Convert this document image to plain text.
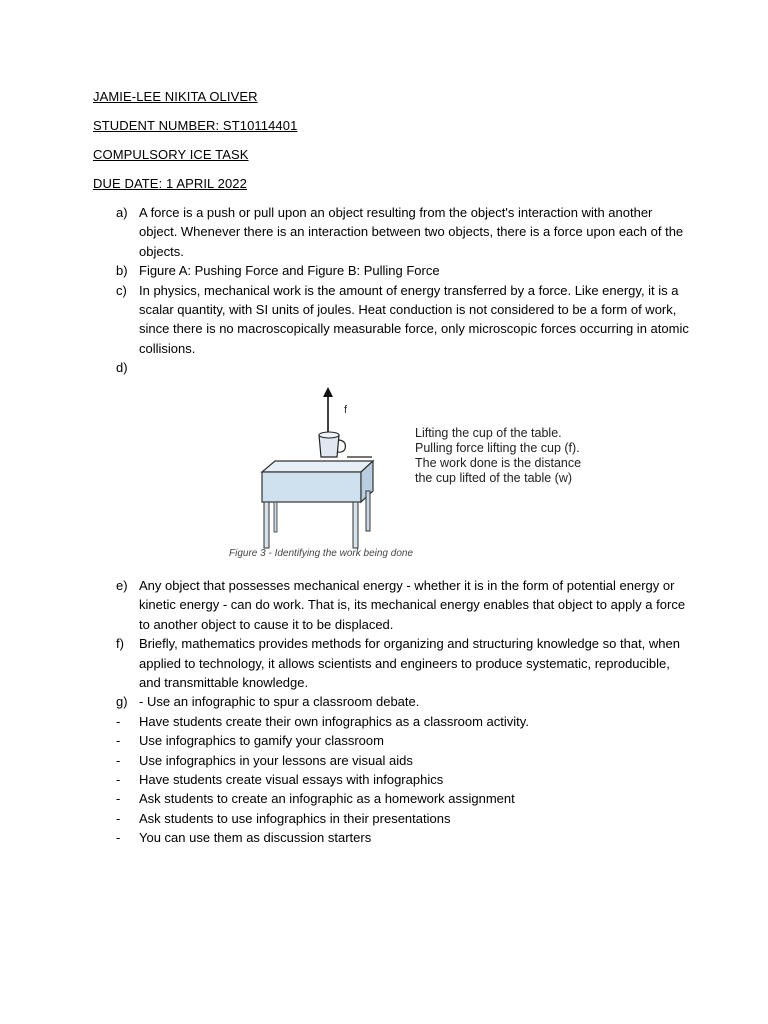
JAMIE-LEE NIKITA OLIVER
STUDENT NUMBER: ST10114401
COMPULSORY ICE TASK
DUE DATE: 1 APRIL 2022
a) A force is a push or pull upon an object resulting from the object's interaction with another object. Whenever there is an interaction between two objects, there is a force upon each of the objects.
b) Figure A: Pushing Force and Figure B: Pulling Force
c) In physics, mechanical work is the amount of energy transferred by a force. Like energy, it is a scalar quantity, with SI units of joules. Heat conduction is not considered to be a form of work, since there is no macroscopically measurable force, only microscopic forces occurring in atomic collisions.
d)
f
Lifting the cup of the table. Pulling force lifting the cup (f). The work done is the distance the cup lifted of the table (w)
Figure 3 - Identifying the work being done
e) Any object that possesses mechanical energy - whether it is in the form of potential energy or kinetic energy - can do work. That is, its mechanical energy enables that object to apply a force to another object to cause it to be displaced.
f)	Briefly, mathematics provides methods for organizing and structuring knowledge so that, when applied to technology, it allows scientists and engineers to produce systematic, reproducible, and transmittable knowledge.
g) - Use an infographic to spur a classroom debate.
-	Have students create their own infographics as a classroom activity.
-	Use infographics to gamify your classroom
-	Use infographics in your lessons are visual aids
-	Have students create visual essays with infographics
-	Ask students to create an infographic as a homework assignment
-	Ask students to use infographics in their presentations
-	You can use them as discussion starters
